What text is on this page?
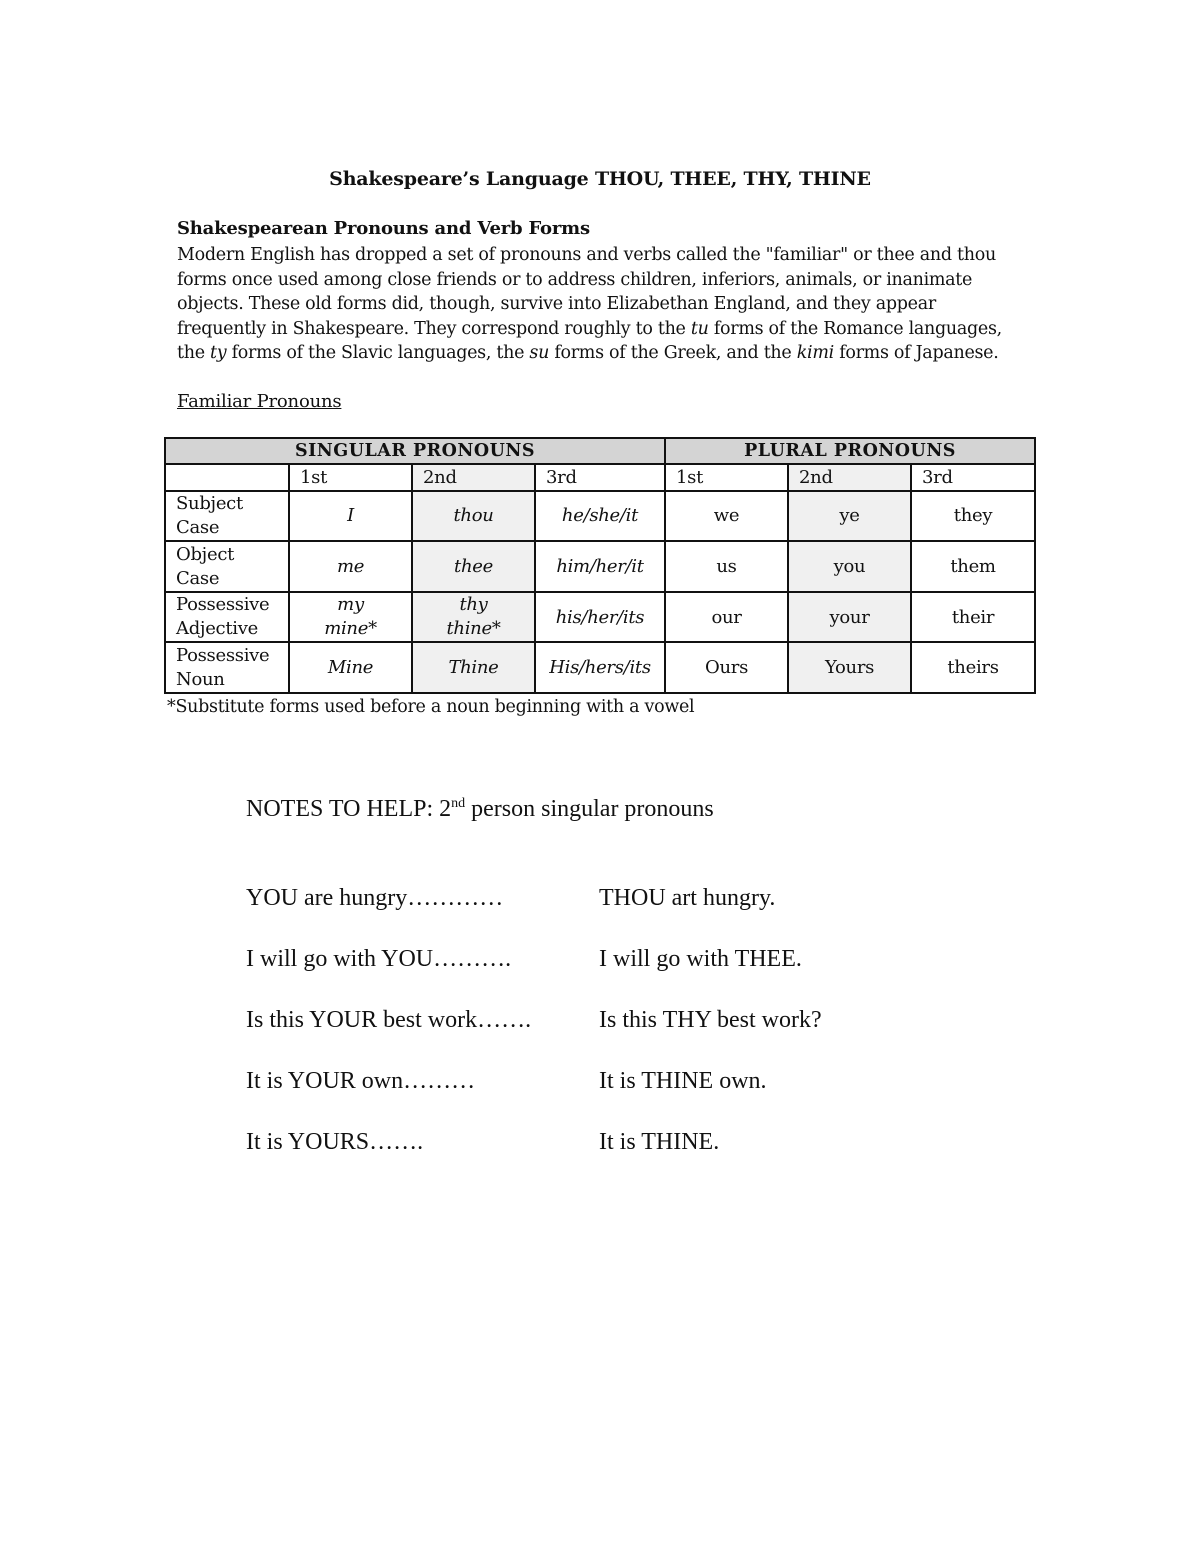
Shakespeare’s Language THOU, THEE, THY, THINE
Shakespearean Pronouns and Verb Forms
Modern English has dropped a set of pronouns and verbs called the "familiar" or thee and thou
forms once used among close friends or to address children, inferiors, animals, or inanimate
objects. These old forms did, though, survive into Elizabethan England, and they appear
frequently in Shakespeare. They correspond roughly to the tu forms of the Romance languages,
the ty forms of the Slavic languages, the su forms of the Greek, and the kimi forms of Japanese.
Familiar Pronouns
SINGULAR PRONOUNS				PLURAL PRONOUNS		
	1st	2nd	3rd	1st	2nd	3rd

Subject
Case	I	thou	he/she/it	we	ye	they

Object
Case	me	thee	him/her/it	us	you	them

Possessive
Adjective	my
mine*	thy
thine*	his/her/its	our	your	their

Possessive
Noun	Mine	Thine	His/hers/its	Ours	Yours	theirs
*Substitute forms used before a noun beginning with a vowel
NOTES TO HELP: 2nd person singular pronouns
YOU are hungry…………	THOU art hungry.
I will go with YOU……….	I will go with THEE.
Is this YOUR best work…….	Is this THY best work?
It is YOUR own………	It is THINE own.
It is YOURS…….	It is THINE.
